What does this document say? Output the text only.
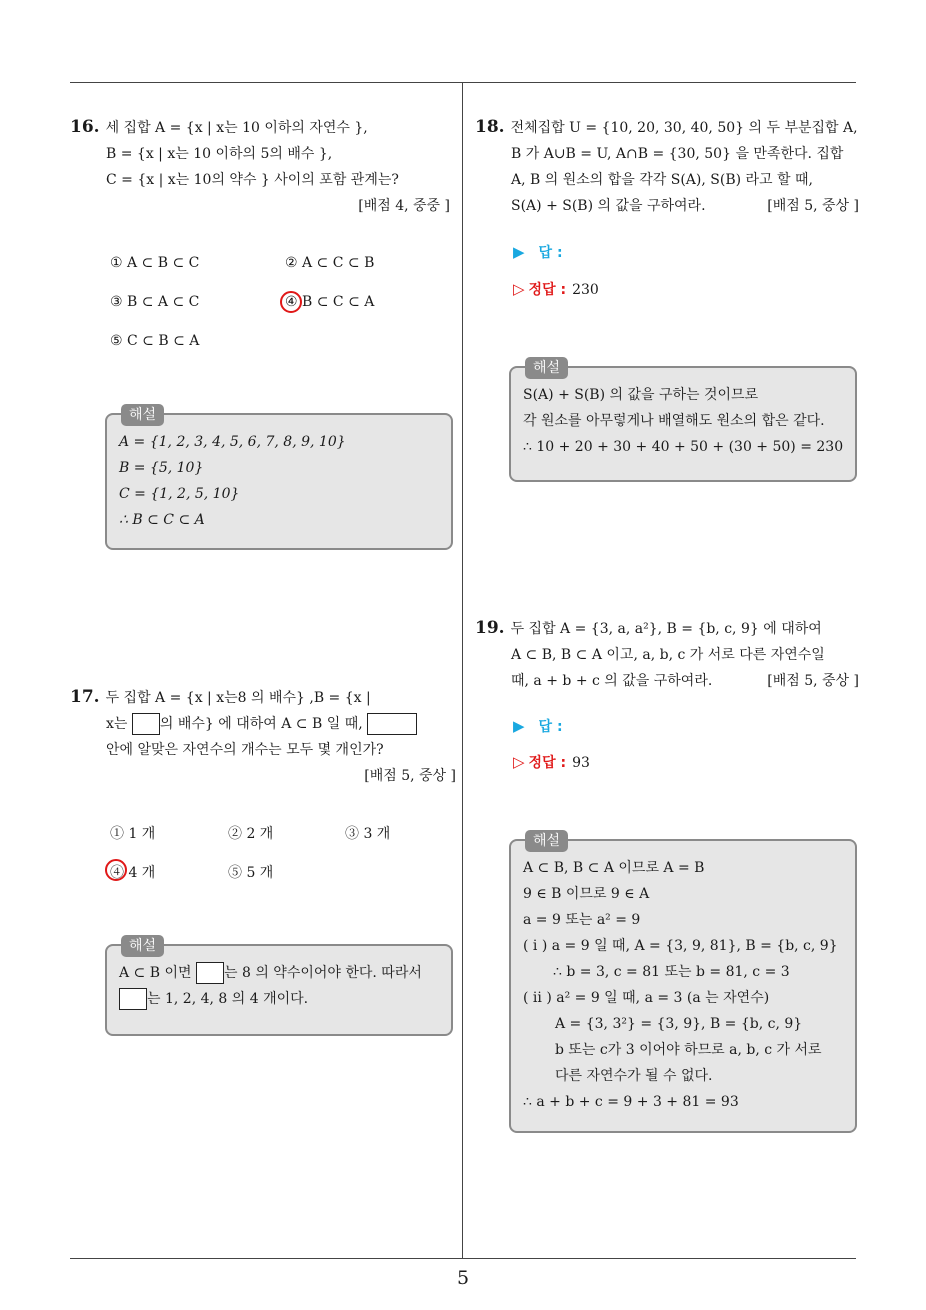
5
16. 세 집합 A = {x | x는 10 이하의 자연수 },
B = {x | x는 10 이하의 5의 배수 },
C = {x | x는 10의 약수 } 사이의 포함 관계는?
[배점 4, 중중 ]
① A ⊂ B ⊂ C	② A ⊂ C ⊂ B
③ B ⊂ A ⊂ C	④ B ⊂ C ⊂ A
⑤ C ⊂ B ⊂ A
해설
A = {1, 2, 3, 4, 5, 6, 7, 8, 9, 10}
B = {5, 10}
C = {1, 2, 5, 10}
∴ B ⊂ C ⊂ A
17. 두 집합 A = {x | x는8 의 배수} ,B = {x |
x는 의 배수} 에 대하여 A ⊂ B 일 때,
안에 알맞은 자연수의 개수는 모두 몇 개인가?
[배점 5, 중상 ]
① 1 개	② 2 개	③ 3 개
④ 4 개	⑤ 5 개
해설
A ⊂ B 이면 는 8 의 약수이어야 한다. 따라서
는 1, 2, 4, 8 의 4 개이다.
18. 전체집합 U = {10, 20, 30, 40, 50} 의 두 부분집합 A,
B 가 A∪B = U, A∩B = {30, 50} 을 만족한다. 집합
A, B 의 원소의 합을 각각 S(A), S(B) 라고 할 때,
S(A) + S(B) 의 값을 구하여라.	[배점 5, 중상 ]
▶ 답 :
▷ 정답 : 230
해설
S(A) + S(B) 의 값을 구하는 것이므로
각 원소를 아무렇게나 배열해도 원소의 합은 같다.
∴ 10 + 20 + 30 + 40 + 50 + (30 + 50) = 230
19. 두 집합 A = {3, a, a²}, B = {b, c, 9} 에 대하여
A ⊂ B, B ⊂ A 이고, a, b, c 가 서로 다른 자연수일
때, a + b + c 의 값을 구하여라.	[배점 5, 중상 ]
▶ 답 :
▷ 정답 : 93
해설
A ⊂ B, B ⊂ A 이므로 A = B
9 ∈ B 이므로 9 ∈ A
a = 9 또는 a² = 9
( i ) a = 9 일 때, A = {3, 9, 81}, B = {b, c, 9}
∴ b = 3, c = 81 또는 b = 81, c = 3
( ii ) a² = 9 일 때, a = 3 (a 는 자연수)
A = {3, 3²} = {3, 9}, B = {b, c, 9}
b 또는 c가 3 이어야 하므로 a, b, c 가 서로
다른 자연수가 될 수 없다.
∴ a + b + c = 9 + 3 + 81 = 93
